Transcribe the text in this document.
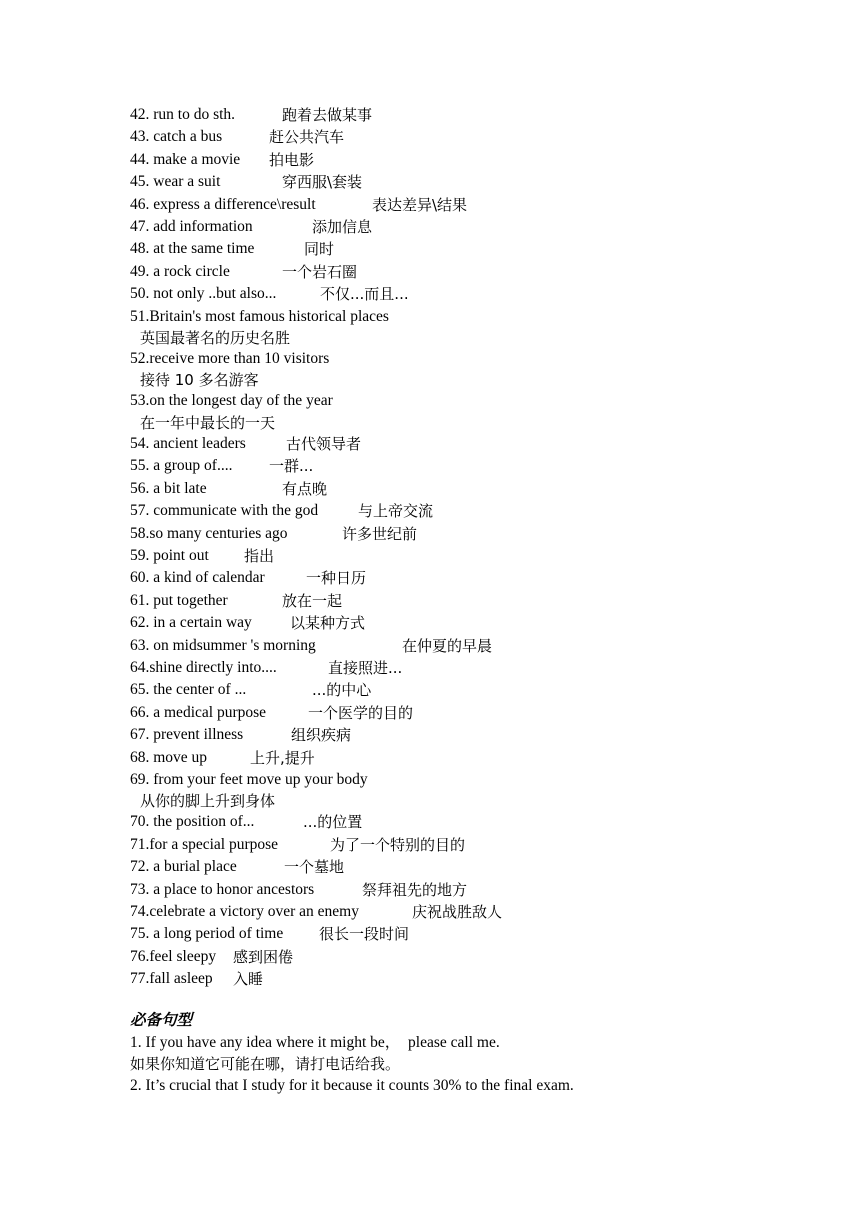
42. run to do sth.	跑着去做某事
43. catch a bus	赶公共汽车
44. make a movie	拍电影
45. wear a suit	穿西服\套装
46. express a difference\result	表达差异\结果
47. add information	添加信息
48. at the same time	同时
49. a rock circle	一个岩石圈
50. not only ..but also...	不仅...而且...
51.Britain's most famous historical places
英国最著名的历史名胜
52.receive more than 10 visitors
接待 10 多名游客
53.on the longest day of the year
在一年中最长的一天
54. ancient leaders	古代领导者
55. a group of....	一群...
56. a bit late	有点晚
57. communicate with the god	与上帝交流
58.so many centuries ago	许多世纪前
59. point out	指出
60. a kind of calendar	一种日历
61. put together	放在一起
62. in a certain way	以某种方式
63. on midsummer 's morning	在仲夏的早晨
64.shine directly into....	直接照进...
65. the center of ...	...的中心
66. a medical purpose	一个医学的目的
67. prevent illness	组织疾病
68. move up	上升,提升
69. from your feet move up your body
从你的脚上升到身体
70. the position of...	...的位置
71.for a special purpose	为了一个特别的目的
72. a burial place	一个墓地
73. a place to honor ancestors	祭拜祖先的地方
74.celebrate a victory over an enemy	庆祝战胜敌人
75. a long period of time	很长一段时间
76.feel sleepy	感到困倦
77.fall asleep	入睡
必备句型
1. If you have any idea where it might be，  please call me.
如果你知道它可能在哪，请打电话给我。
2. It’s crucial that I study for it because it counts 30% to the final exam.
